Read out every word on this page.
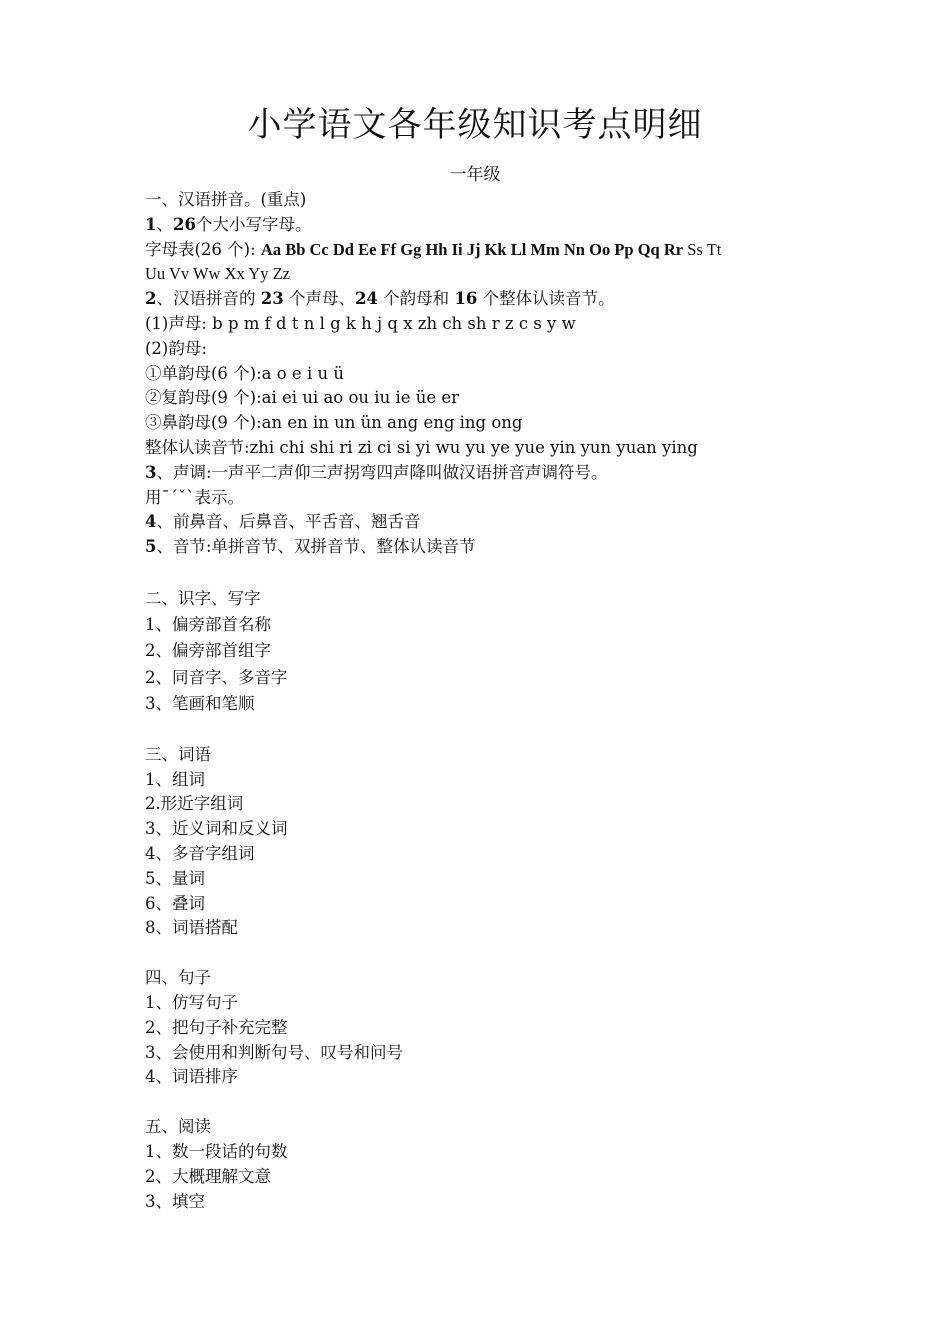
小学语文各年级知识考点明细
一年级
一、汉语拼音。(重点)
1、26个大小写字母。
字母表(26 个): Aa Bb Cc Dd Ee Ff Gg Hh Ii Jj Kk Ll Mm Nn Oo Pp Qq Rr Ss Tt
Uu Vv Ww Xx Yy Zz
2、汉语拼音的 23 个声母、24 个韵母和 16 个整体认读音节。
(1)声母: b p m f d t n l g k h j q x zh ch sh r z c s y w
(2)韵母:
①单韵母(6 个):a o e i u ü
②复韵母(9 个):ai ei ui ao ou iu ie üe er
③鼻韵母(9 个):an en in un ün ang eng ing ong
整体认读音节:zhi chi shi ri zi ci si yi wu yu ye yue yin yun yuan ying
3、声调:一声平二声仰三声拐弯四声降叫做汉语拼音声调符号。
用ˉˊˇˋ表示。
4、前鼻音、后鼻音、平舌音、翘舌音
5、音节:单拼音节、双拼音节、整体认读音节
二、识字、写字
1、偏旁部首名称
2、偏旁部首组字
2、同音字、多音字
3、笔画和笔顺
三、词语
1、组词
2.形近字组词
3、近义词和反义词
4、多音字组词
5、量词
6、叠词
8、词语搭配
四、句子
1、仿写句子
2、把句子补充完整
3、会使用和判断句号、叹号和问号
4、词语排序
五、阅读
1、数一段话的句数
2、大概理解文意
3、填空
